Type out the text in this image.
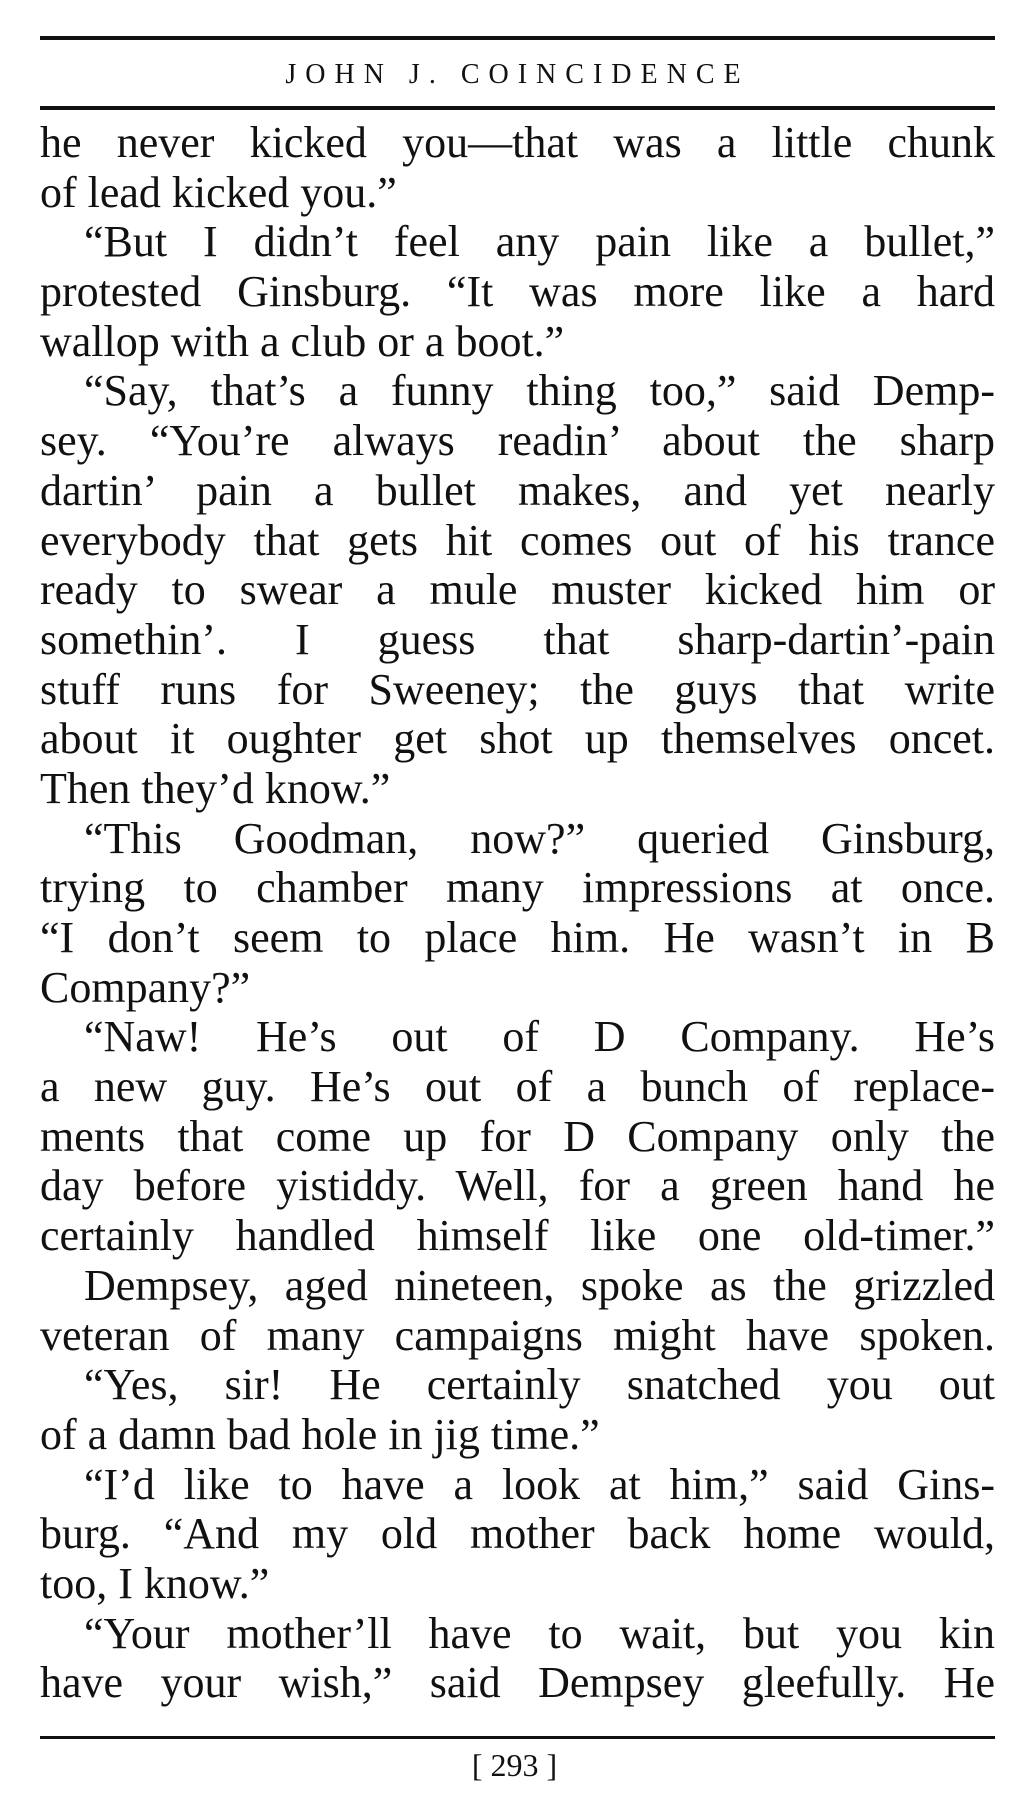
JOHN J. COINCIDENCE
he never kicked you—that was a little chunk
of lead kicked you.”
“But I didn’t feel any pain like a bullet,”
protested Ginsburg. “It was more like a hard
wallop with a club or a boot.”
“Say, that’s a funny thing too,” said Demp-
sey. “You’re always readin’ about the sharp
dartin’ pain a bullet makes, and yet nearly
everybody that gets hit comes out of his trance
ready to swear a mule muster kicked him or
somethin’. I guess that sharp-dartin’-pain
stuff runs for Sweeney; the guys that write
about it oughter get shot up themselves oncet.
Then they’d know.”
“This Goodman, now?” queried Ginsburg,
trying to chamber many impressions at once.
“I don’t seem to place him. He wasn’t in B
Company?”
“Naw! He’s out of D Company. He’s
a new guy. He’s out of a bunch of replace-
ments that come up for D Company only the
day before yistiddy. Well, for a green hand he
certainly handled himself like one old-timer.”
Dempsey, aged nineteen, spoke as the grizzled
veteran of many campaigns might have spoken.
“Yes, sir! He certainly snatched you out
of a damn bad hole in jig time.”
“I’d like to have a look at him,” said Gins-
burg. “And my old mother back home would,
too, I know.”
“Your mother’ll have to wait, but you kin
have your wish,” said Dempsey gleefully. He
[ 293 ]
